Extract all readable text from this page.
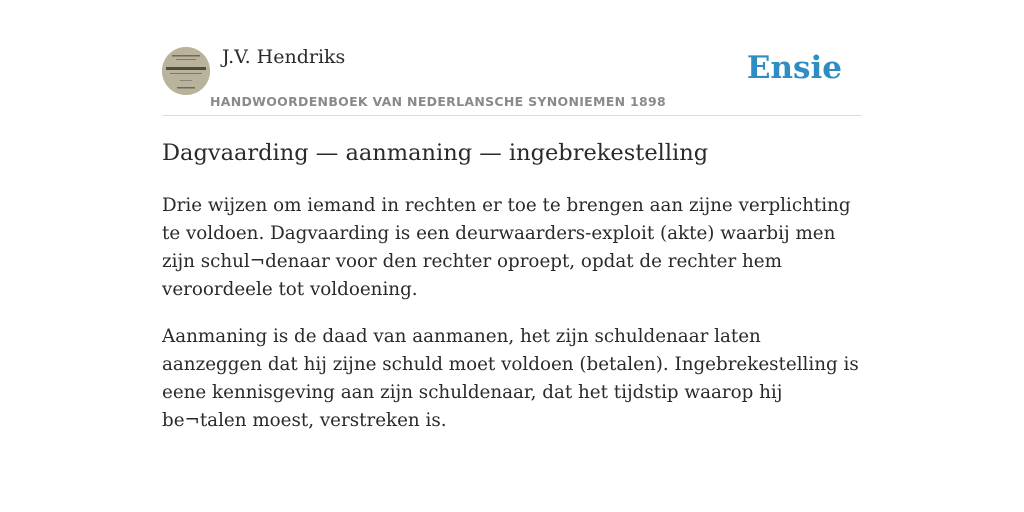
J.V. Hendriks
HANDWOORDENBOEK VAN NEDERLANSCHE SYNONIEMEN 1898
Ensie
Dagvaarding — aanmaning — ingebrekestelling

Drie wijzen om iemand in rechten er toe te brengen aan zijne verplichting te voldoen. Dagvaarding is een deurwaarders-exploit (akte) waarbij men zijn schul¬denaar voor den rechter oproept, opdat de rechter hem veroordeele tot voldoening.

Aanmaning is de daad van aanmanen, het zijn schuldenaar laten aanzeggen dat hij zijne schuld moet voldoen (betalen). Ingebrekestelling is eene kennisgeving aan zijn schuldenaar, dat het tijdstip waarop hij be¬talen moest, verstreken is.
